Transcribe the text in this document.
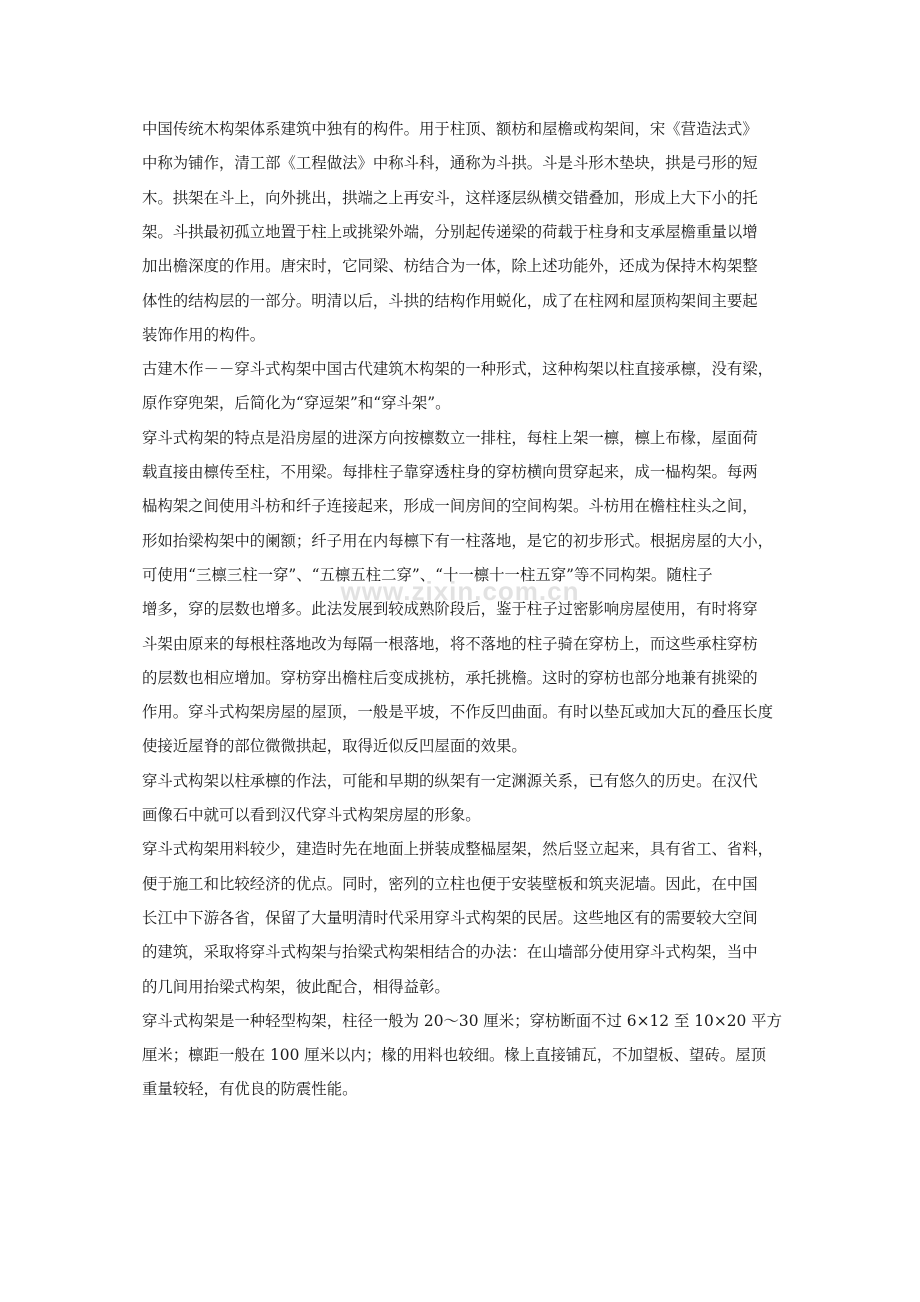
www.zixin.com.cn
中国传统木构架体系建筑中独有的构件。用于柱顶、额枋和屋檐或构架间，宋《营造法式》
中称为铺作，清工部《工程做法》中称斗科，通称为斗拱。斗是斗形木垫块，拱是弓形的短
木。拱架在斗上，向外挑出，拱端之上再安斗，这样逐层纵横交错叠加，形成上大下小的托
架。斗拱最初孤立地置于柱上或挑梁外端，分别起传递梁的荷载于柱身和支承屋檐重量以增
加出檐深度的作用。唐宋时，它同梁、枋结合为一体，除上述功能外，还成为保持木构架整
体性的结构层的一部分。明清以后，斗拱的结构作用蜕化，成了在柱网和屋顶构架间主要起
装饰作用的构件。
古建木作－－穿斗式构架中国古代建筑木构架的一种形式，这种构架以柱直接承檩，没有梁，
原作穿兜架，后简化为“穿逗架”和“穿斗架”。
穿斗式构架的特点是沿房屋的进深方向按檩数立一排柱，每柱上架一檩，檩上布椽，屋面荷
载直接由檩传至柱，不用梁。每排柱子靠穿透柱身的穿枋横向贯穿起来，成一榀构架。每两
榀构架之间使用斗枋和纤子连接起来，形成一间房间的空间构架。斗枋用在檐柱柱头之间，
形如抬梁构架中的阑额；纤子用在内每檩下有一柱落地，是它的初步形式。根据房屋的大小，
可使用“三檩三柱一穿”、“五檩五柱二穿”、“十一檩十一柱五穿”等不同构架。随柱子
增多，穿的层数也增多。此法发展到较成熟阶段后，鉴于柱子过密影响房屋使用，有时将穿
斗架由原来的每根柱落地改为每隔一根落地，将不落地的柱子骑在穿枋上，而这些承柱穿枋
的层数也相应增加。穿枋穿出檐柱后变成挑枋，承托挑檐。这时的穿枋也部分地兼有挑梁的
作用。穿斗式构架房屋的屋顶，一般是平坡，不作反凹曲面。有时以垫瓦或加大瓦的叠压长度
使接近屋脊的部位微微拱起，取得近似反凹屋面的效果。
穿斗式构架以柱承檩的作法，可能和早期的纵架有一定渊源关系，已有悠久的历史。在汉代
画像石中就可以看到汉代穿斗式构架房屋的形象。
穿斗式构架用料较少，建造时先在地面上拼装成整榀屋架，然后竖立起来，具有省工、省料，
便于施工和比较经济的优点。同时，密列的立柱也便于安装壁板和筑夹泥墙。因此，在中国
长江中下游各省，保留了大量明清时代采用穿斗式构架的民居。这些地区有的需要较大空间
的建筑，采取将穿斗式构架与抬梁式构架相结合的办法：在山墙部分使用穿斗式构架，当中
的几间用抬梁式构架，彼此配合，相得益彰。
穿斗式构架是一种轻型构架，柱径一般为 20～30 厘米；穿枋断面不过 6×12 至 10×20 平方
厘米；檩距一般在 100 厘米以内；椽的用料也较细。椽上直接铺瓦，不加望板、望砖。屋顶
重量较轻，有优良的防震性能。
